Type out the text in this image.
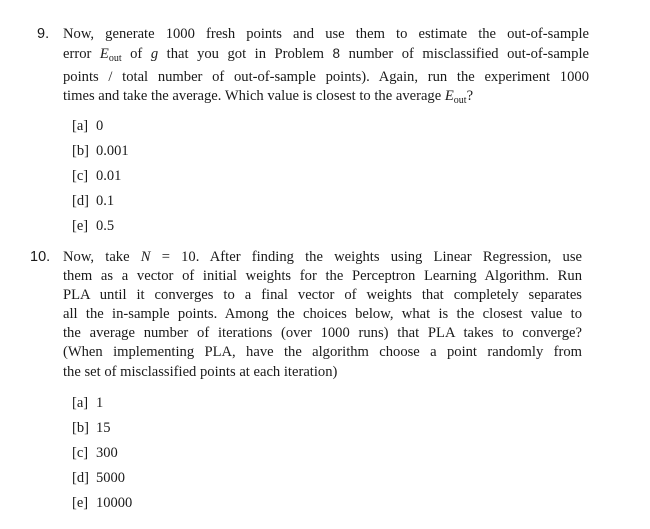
9. Now, generate 1000 fresh points and use them to estimate the out-of-sample
error $E_{out}$ of g that you got in Problem 8 number of misclassified out-of-sample
points / total number of out-of-sample points). Again, run the experiment 1000
times and take the average. Which value is closest to the average $E_{out}$?
[a] 0
[b] 0.001
[c] 0.01
[d] 0.1
[e] 0.5
10. Now, take N = 10. After finding the weights using Linear Regression, use
them as a vector of initial weights for the Perceptron Learning Algorithm. Run
PLA until it converges to a final vector of weights that completely separates
all the in-sample points. Among the choices below, what is the closest value to
the average number of iterations (over 1000 runs) that PLA takes to converge?
(When implementing PLA, have the algorithm choose a point randomly from
the set of misclassified points at each iteration)
[a] 1
[b] 15
[c] 300
[d] 5000
[e] 10000
